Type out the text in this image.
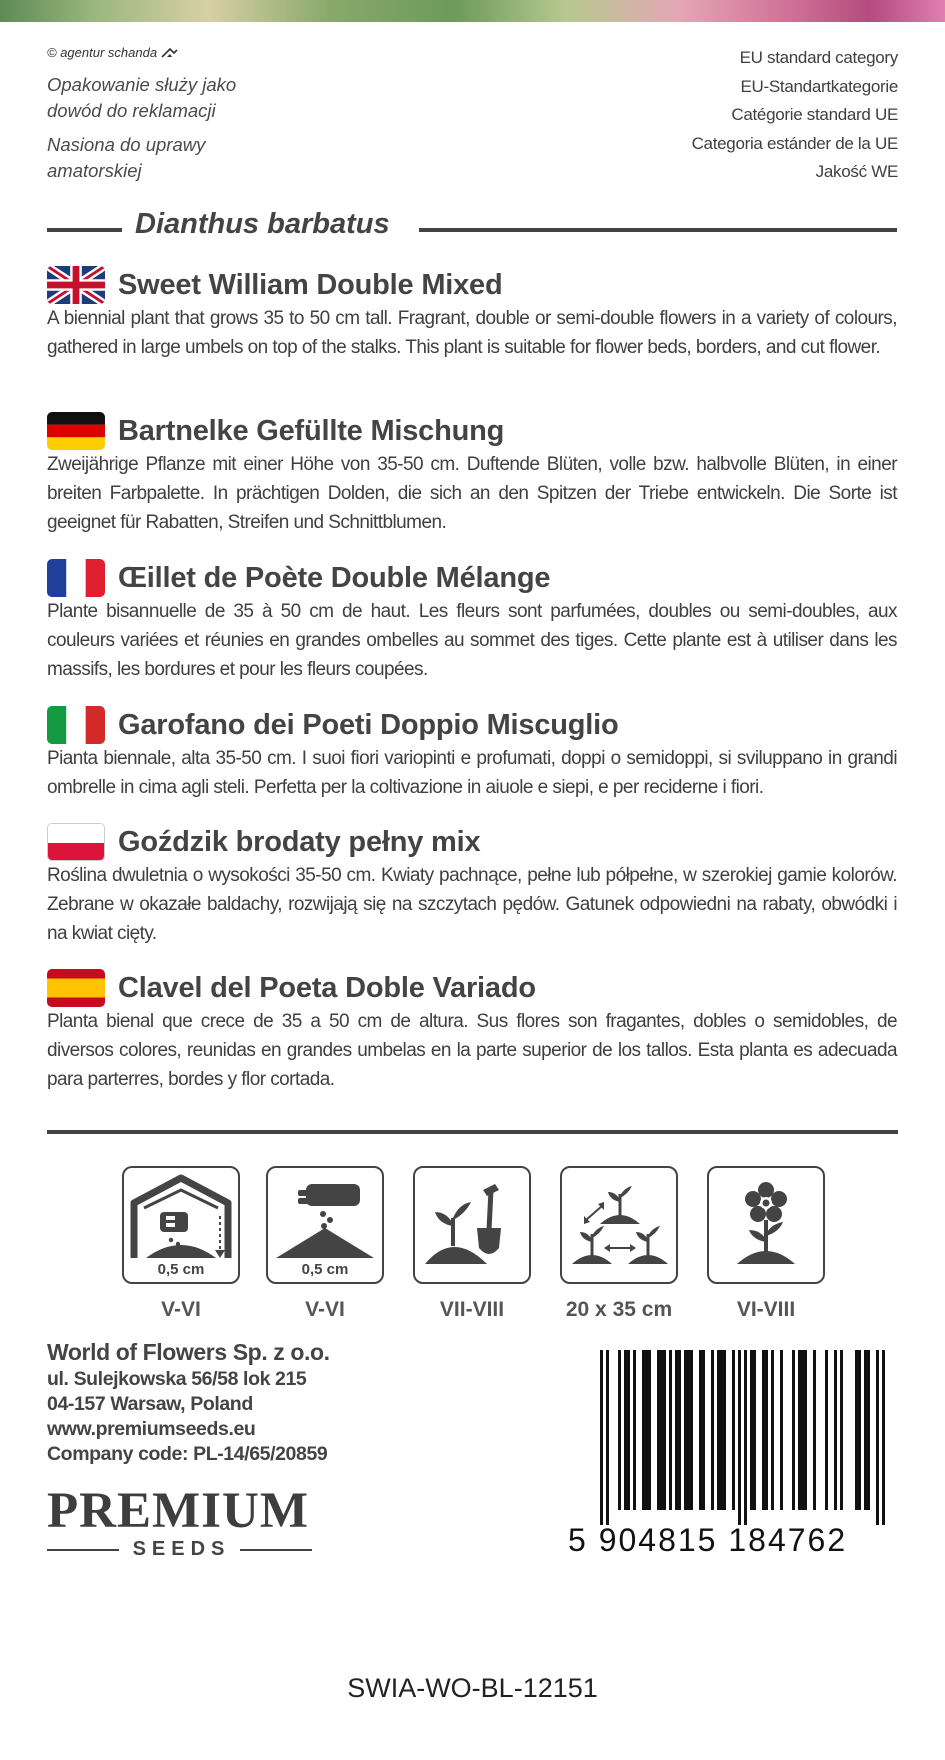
© agentur schanda
Opakowanie służy jako
dowód do reklamacji
Nasiona do uprawy
amatorskiej
EU standard category
EU-Standartkategorie
Catégorie standard UE
Categoria estánder de la UE
Jakość WE
Dianthus barbatus
Sweet William Double Mixed
A biennial plant that grows 35 to 50 cm tall. Fragrant, double or semi-double flowers in a variety of colours, gathered in large umbels on top of the stalks. This plant is suitable for flower beds, borders, and cut flower.
Bartnelke Gefüllte Mischung
Zweijährige Pflanze mit einer Höhe von 35-50 cm. Duftende Blüten, volle bzw. halbvolle Blüten, in einer breiten Farbpalette. In prächtigen Dolden, die sich an den Spitzen der Triebe entwickeln. Die Sorte ist geeignet für Rabatten, Streifen und Schnittblumen.
Œillet de Poète Double Mélange
Plante bisannuelle de 35 à 50 cm de haut. Les fleurs sont parfumées, doubles ou semi-doubles, aux couleurs variées et réunies en grandes ombelles au sommet des tiges. Cette plante est à utiliser dans les massifs, les bordures et pour les fleurs coupées.
Garofano dei Poeti Doppio Miscuglio
Pianta biennale, alta 35-50 cm. I suoi fiori variopinti e profumati, doppi o semidoppi, si sviluppano in grandi ombrelle in cima agli steli. Perfetta per la coltivazione in aiuole e siepi, e per reciderne i fiori.
Goździk brodaty pełny mix
Roślina dwuletnia o wysokości 35-50 cm. Kwiaty pachnące, pełne lub półpełne, w szerokiej gamie kolorów. Zebrane w okazałe baldachy, rozwijają się na szczytach pędów. Gatunek odpowiedni na rabaty, obwódki i na kwiat cięty.
Clavel del Poeta Doble Variado
Planta bienal que crece de 35 a 50 cm de altura. Sus flores son fragantes, dobles o semidobles, de diversos colores, reunidas en grandes umbelas en la parte superior de los tallos. Esta planta es adecuada para parterres, bordes y flor cortada.
0,5 cm
V-VI
0,5 cm
V-VI	VII-VIII	20 x 35 cm	VI-VIII
World of Flowers Sp. z o.o.
ul. Sulejkowska 56/58 lok 215
04-157 Warsaw, Poland
www.premiumseeds.eu
Company code: PL-14/65/20859
PREMIUM
SEEDS	5 904815 184762
SWIA-WO-BL-12151
